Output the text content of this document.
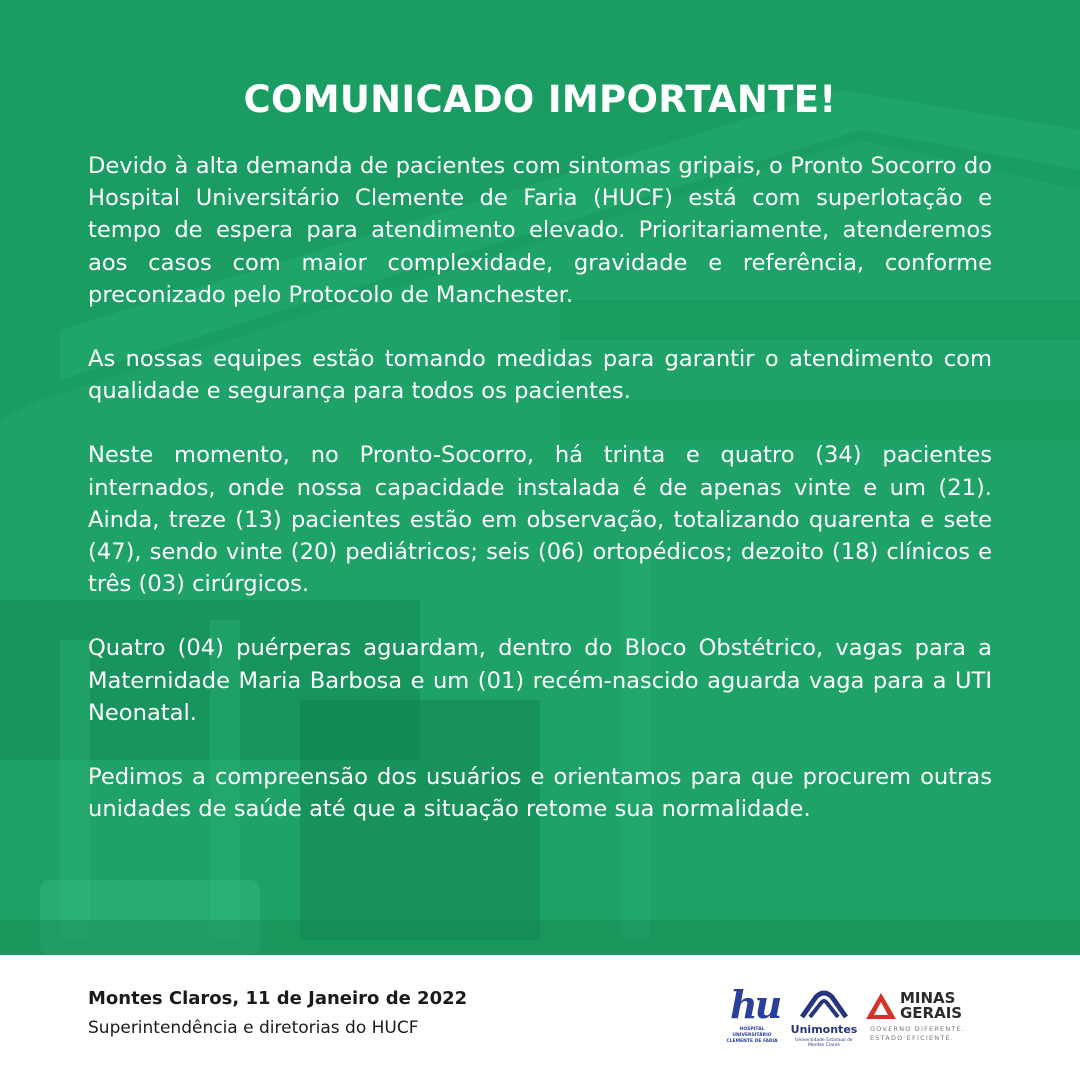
COMUNICADO IMPORTANTE!

Devido à alta demanda de pacientes com sintomas gripais, o Pronto Socorro do Hospital Universitário Clemente de Faria (HUCF) está com superlotação e tempo de espera para atendimento elevado. Prioritariamente, atenderemos aos casos com maior complexidade, gravidade e referência, conforme preconizado pelo Protocolo de Manchester.

As nossas equipes estão tomando medidas para garantir o atendimento com qualidade e segurança para todos os pacientes.

Neste momento, no Pronto-Socorro, há trinta e quatro (34) pacientes internados, onde nossa capacidade instalada é de apenas vinte e um (21). Ainda, treze (13) pacientes estão em observação, totalizando quarenta e sete (47), sendo vinte (20) pediátricos; seis (06) ortopédicos; dezoito (18) clínicos e três (03) cirúrgicos.

Quatro (04) puérperas aguardam, dentro do Bloco Obstétrico, vagas para a Maternidade Maria Barbosa e um (01) recém-nascido aguarda vaga para a UTI Neonatal.

Pedimos a compreensão dos usuários e orientamos para que procurem outras unidades de saúde até que a situação retome sua normalidade.

Montes Claros, 11 de Janeiro de 2022

Superintendência e diretorias do HUCF

hu
HOSPITAL UNIVERSITÁRIO
CLEMENTE DE FARIA
Unimontes
Universidade Estadual de Montes Claros
MINAS
GERAIS
GOVERNO DIFERENTE.
ESTADO EFICIENTE.
